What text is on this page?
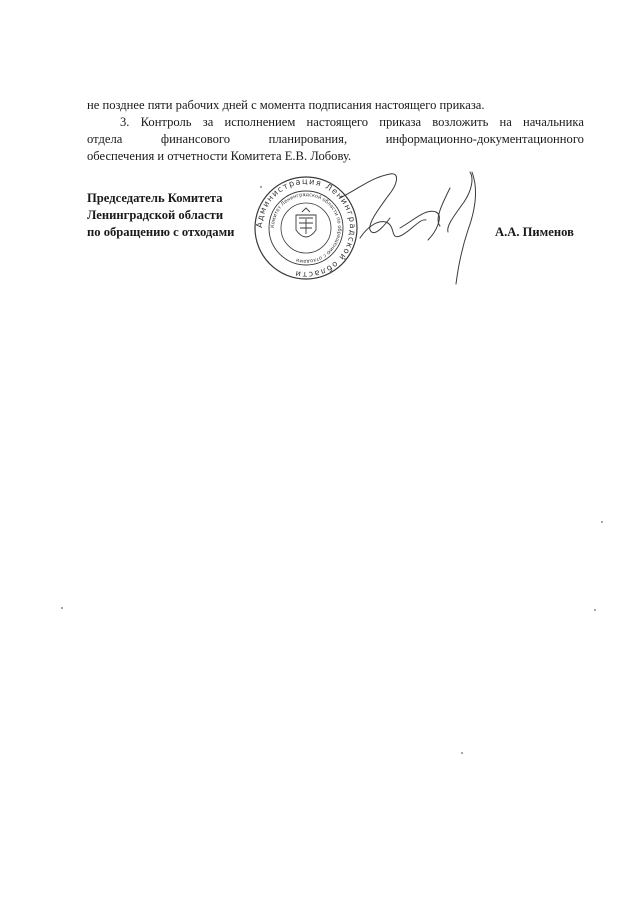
не позднее пяти рабочих дней с момента подписания настоящего приказа.
3. Контроль за исполнением настоящего приказа возложить на начальника
отдела	финансового	планирования,	информационно-документационного
обеспечения и отчетности Комитета Е.В. Лобову.
Председатель Комитета
Ленинградской области
по обращению с отходами	А.А. Пименов
Администрация Ленинградской области
Комитет Ленинградской области по обращению с отходами
